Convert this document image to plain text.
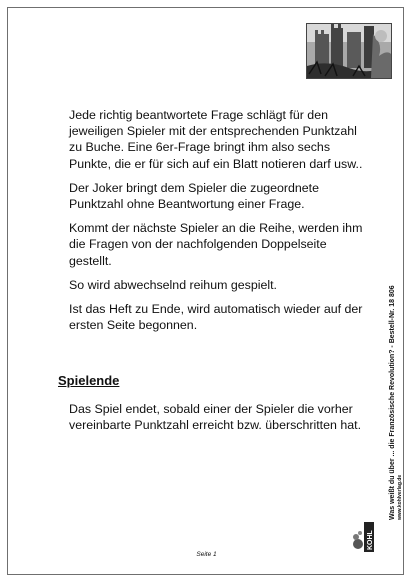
Jede richtig beantwortete Frage schlägt für den jeweiligen Spieler mit der entsprechenden Punktzahl zu Buche. Eine 6er-Frage bringt ihm also sechs Punkte, die er für sich auf ein Blatt notieren darf usw..

Der Joker bringt dem Spieler die zugeordnete Punktzahl ohne Beantwortung einer Frage.

Kommt der nächste Spieler an die Reihe, werden ihm die Fragen von der nachfolgenden Doppelseite gestellt.

So wird abwechselnd reihum gespielt.

Ist das Heft zu Ende, wird automatisch wieder auf der ersten Seite begonnen.

Spielende

Das Spiel endet, sobald einer der Spieler die vorher vereinbarte Punktzahl erreicht bzw. überschritten hat.	Was weißt du über ... die Französische Revolution? - Bestell-Nr. 18 806 www.kohlverlag.de
KOHL
Seite 1
